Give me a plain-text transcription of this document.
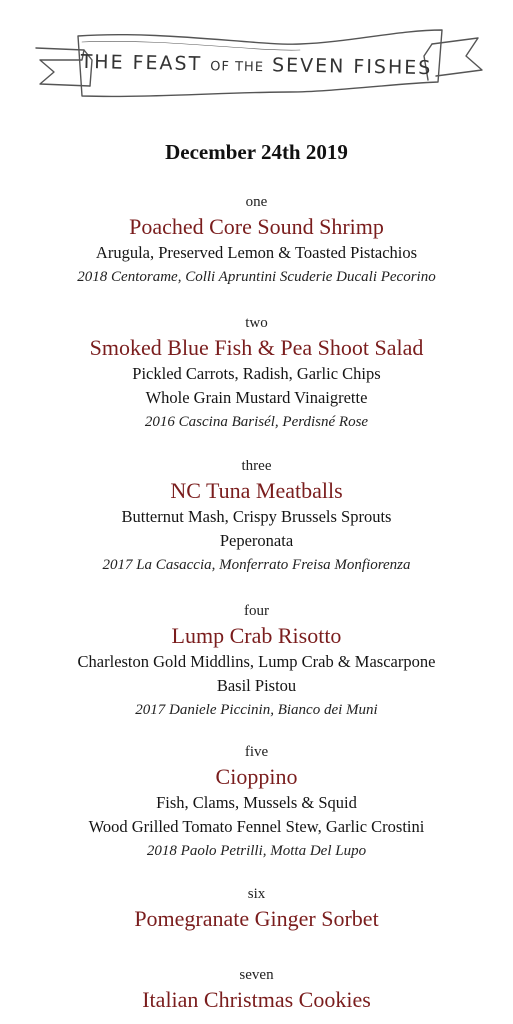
THE FEAST OF THE SEVEN FISHES
December 24th 2019
one
Poached Core Sound Shrimp
Arugula, Preserved Lemon & Toasted Pistachios
2018 Centorame, Colli Apruntini Scuderie Ducali Pecorino
two
Smoked Blue Fish & Pea Shoot Salad
Pickled Carrots, Radish, Garlic Chips
Whole Grain Mustard Vinaigrette
2016 Cascina Barisél, Perdisné Rose
three
NC Tuna Meatballs
Butternut Mash, Crispy Brussels Sprouts
Peperonata
2017 La Casaccia, Monferrato Freisa Monfiorenza
four
Lump Crab Risotto
Charleston Gold Middlins, Lump Crab & Mascarpone
Basil Pistou
2017 Daniele Piccinin, Bianco dei Muni
five
Cioppino
Fish, Clams, Mussels & Squid
Wood Grilled Tomato Fennel Stew, Garlic Crostini
2018 Paolo Petrilli, Motta Del Lupo
six
Pomegranate Ginger Sorbet
seven
Italian Christmas Cookies
